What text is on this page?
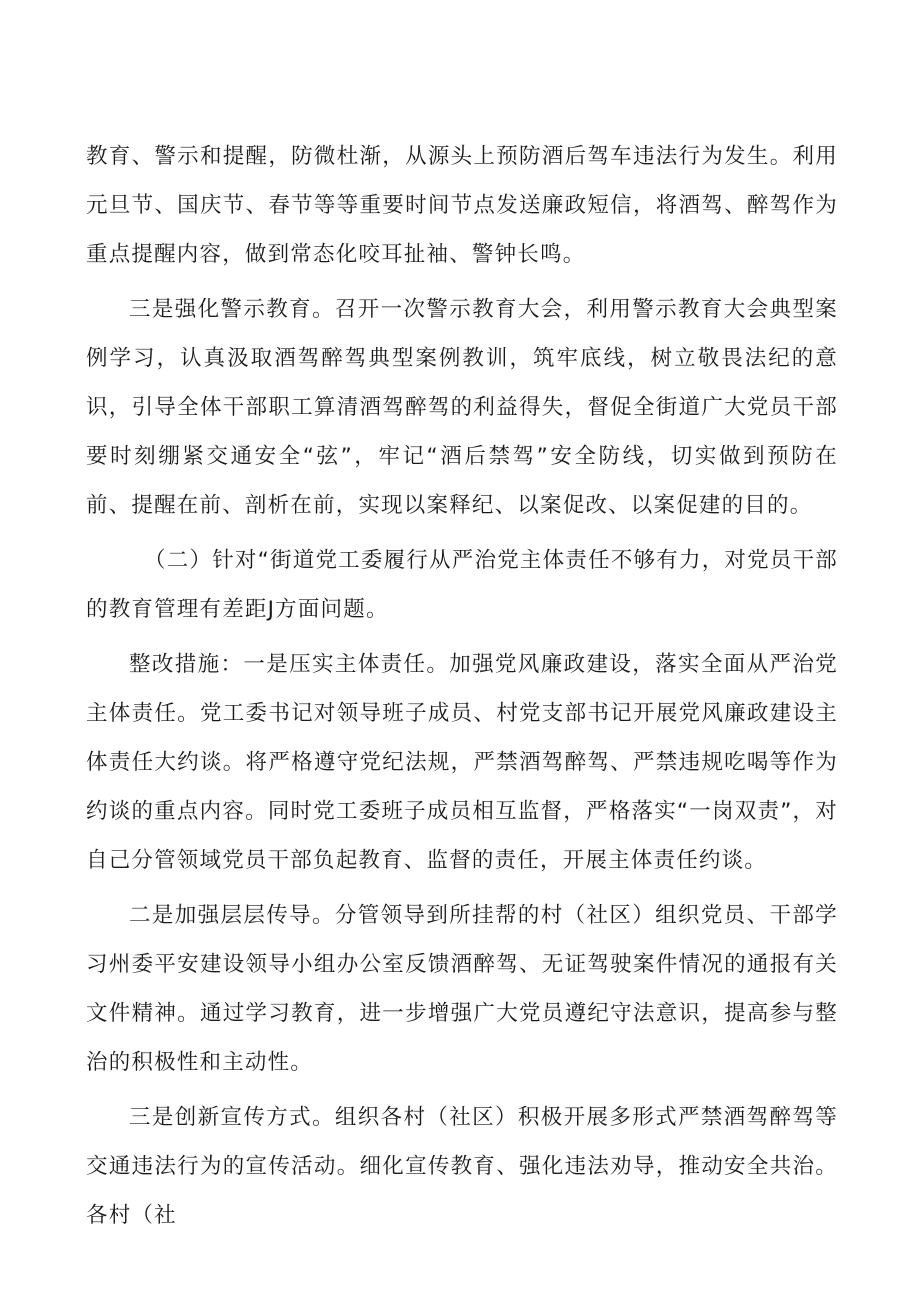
教育、警示和提醒，防微杜渐，从源头上预防酒后驾车违法行为发生。利用元旦节、国庆节、春节等等重要时间节点发送廉政短信，将酒驾、醉驾作为重点提醒内容，做到常态化咬耳扯袖、警钟长鸣。

三是强化警示教育。召开一次警示教育大会，利用警示教育大会典型案例学习，认真汲取酒驾醉驾典型案例教训，筑牢底线，树立敬畏法纪的意识，引导全体干部职工算清酒驾醉驾的利益得失，督促全街道广大党员干部要时刻绷紧交通安全“弦”，牢记“酒后禁驾”安全防线，切实做到预防在前、提醒在前、剖析在前，实现以案释纪、以案促改、以案促建的目的。

（二）针对“街道党工委履行从严治党主体责任不够有力，对党员干部的教育管理有差距J方面问题。

整改措施：一是压实主体责任。加强党风廉政建设，落实全面从严治党主体责任。党工委书记对领导班子成员、村党支部书记开展党风廉政建设主体责任大约谈。将严格遵守党纪法规，严禁酒驾醉驾、严禁违规吃喝等作为约谈的重点内容。同时党工委班子成员相互监督，严格落实“一岗双责”，对自己分管领域党员干部负起教育、监督的责任，开展主体责任约谈。

二是加强层层传导。分管领导到所挂帮的村（社区）组织党员、干部学习州委平安建设领导小组办公室反馈酒醉驾、无证驾驶案件情况的通报有关文件精神。通过学习教育，进一步增强广大党员遵纪守法意识，提高参与整治的积极性和主动性。

三是创新宣传方式。组织各村（社区）积极开展多形式严禁酒驾醉驾等交通违法行为的宣传活动。细化宣传教育、强化违法劝导，推动安全共治。各村（社
